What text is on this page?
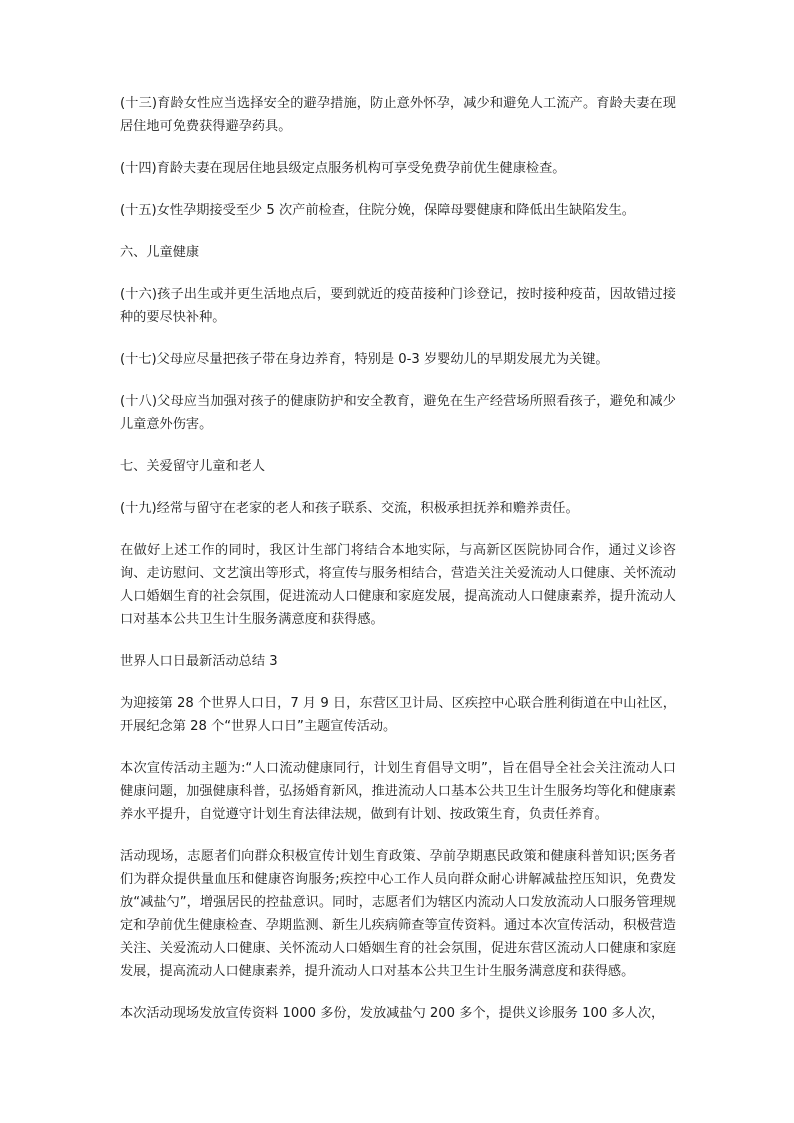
(十三)育龄女性应当选择安全的避孕措施，防止意外怀孕，减少和避免人工流产。育龄夫妻在现居住地可免费获得避孕药具。

(十四)育龄夫妻在现居住地县级定点服务机构可享受免费孕前优生健康检查。

(十五)女性孕期接受至少 5 次产前检查，住院分娩，保障母婴健康和降低出生缺陷发生。

六、儿童健康

(十六)孩子出生或并更生活地点后，要到就近的疫苗接种门诊登记，按时接种疫苗，因故错过接种的要尽快补种。

(十七)父母应尽量把孩子带在身边养育，特别是 0-3 岁婴幼儿的早期发展尤为关键。

(十八)父母应当加强对孩子的健康防护和安全教育，避免在生产经营场所照看孩子，避免和减少儿童意外伤害。

七、关爱留守儿童和老人

(十九)经常与留守在老家的老人和孩子联系、交流，积极承担抚养和赡养责任。

在做好上述工作的同时，我区计生部门将结合本地实际，与高新区医院协同合作，通过义诊咨询、走访慰问、文艺演出等形式，将宣传与服务相结合，营造关注关爱流动人口健康、关怀流动人口婚姻生育的社会氛围，促进流动人口健康和家庭发展，提高流动人口健康素养，提升流动人口对基本公共卫生计生服务满意度和获得感。

世界人口日最新活动总结 3

为迎接第 28 个世界人口日，7 月 9 日，东营区卫计局、区疾控中心联合胜利街道在中山社区，开展纪念第 28 个“世界人口日”主题宣传活动。

本次宣传活动主题为:“人口流动健康同行，计划生育倡导文明”，旨在倡导全社会关注流动人口健康问题，加强健康科普，弘扬婚育新风，推进流动人口基本公共卫生计生服务均等化和健康素养水平提升，自觉遵守计划生育法律法规，做到有计划、按政策生育，负责任养育。

活动现场，志愿者们向群众积极宣传计划生育政策、孕前孕期惠民政策和健康科普知识;医务者们为群众提供量血压和健康咨询服务;疾控中心工作人员向群众耐心讲解减盐控压知识，免费发放“减盐勺”，增强居民的控盐意识。同时，志愿者们为辖区内流动人口发放流动人口服务管理规定和孕前优生健康检查、孕期监测、新生儿疾病筛查等宣传资料。通过本次宣传活动，积极营造关注、关爱流动人口健康、关怀流动人口婚姻生育的社会氛围，促进东营区流动人口健康和家庭发展，提高流动人口健康素养，提升流动人口对基本公共卫生计生服务满意度和获得感。

本次活动现场发放宣传资料 1000 多份，发放减盐勺 200 多个，提供义诊服务 100 多人次，
